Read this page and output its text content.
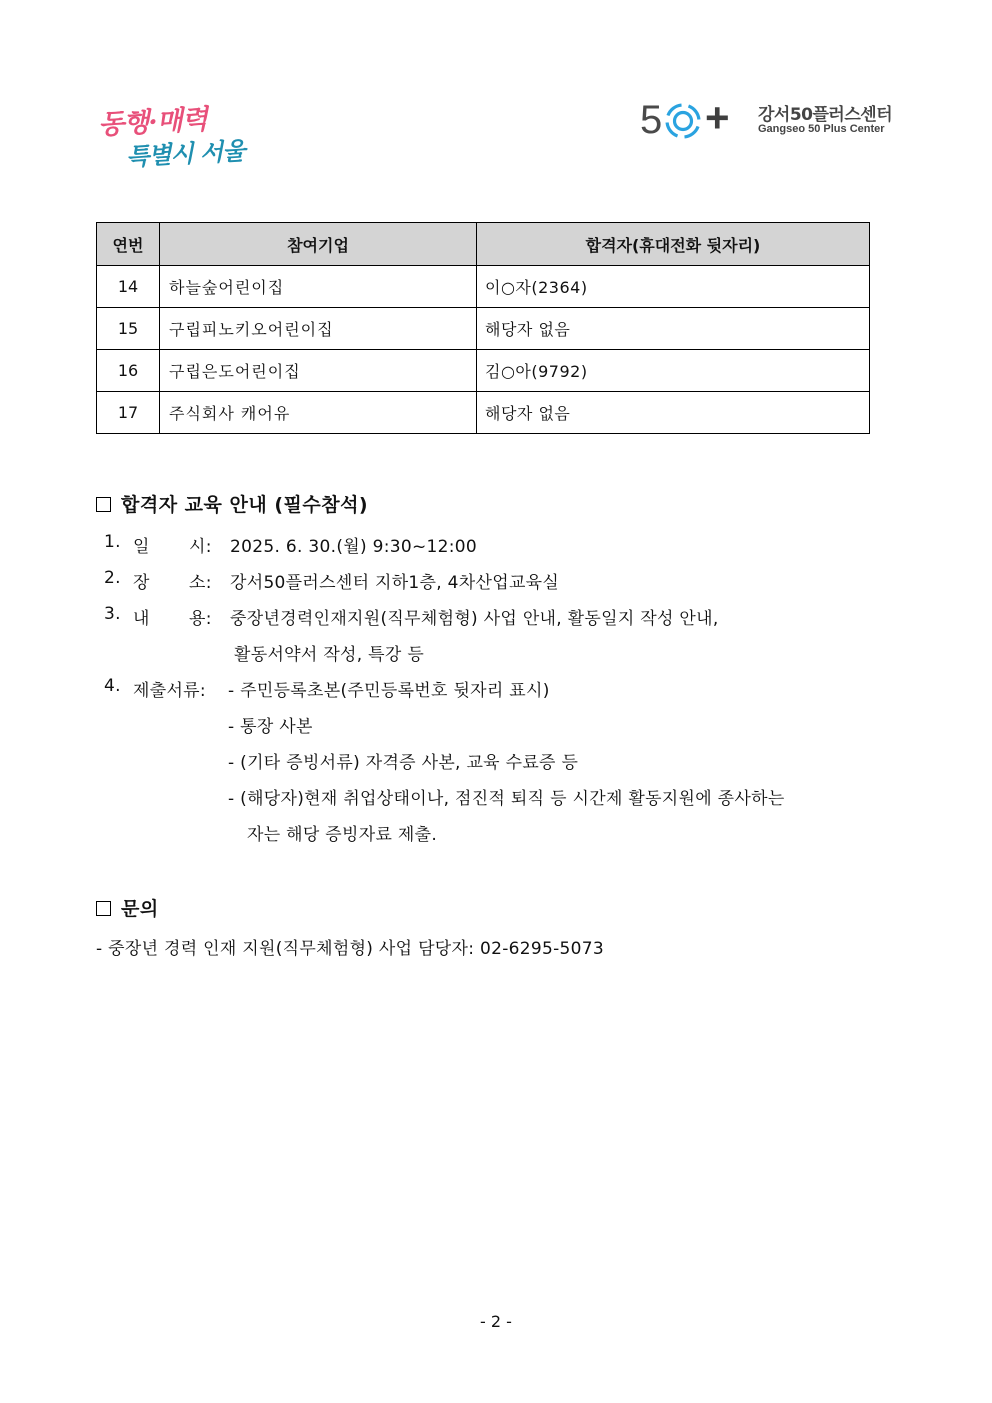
동행·매력
특별시 서울
5 + 강서50플러스센터
Gangseo 50 Plus Center
연번	참여기업	합격자(휴대전화 뒷자리)
14	하늘숲어린이집	이○자(2364)
15	구립피노키오어린이집	해당자 없음
16	구립은도어린이집	김○아(9792)
17	주식회사 캐어유	해당자 없음
합격자 교육 안내 (필수참석)
1. 일 시: 2025. 6. 30.(월) 9:30~12:00
2. 장 소: 강서50플러스센터 지하1층, 4차산업교육실
3. 내 용: 중장년경력인재지원(직무체험형) 사업 안내, 활동일지 작성 안내,
활동서약서 작성, 특강 등
4. 제출서류: - 주민등록초본(주민등록번호 뒷자리 표시)
- 통장 사본
- (기타 증빙서류) 자격증 사본, 교육 수료증 등
- (해당자)현재 취업상태이나, 점진적 퇴직 등 시간제 활동지원에 종사하는
자는 해당 증빙자료 제출.
문의
- 중장년 경력 인재 지원(직무체험형) 사업 담당자: 02-6295-5073
- 2 -
